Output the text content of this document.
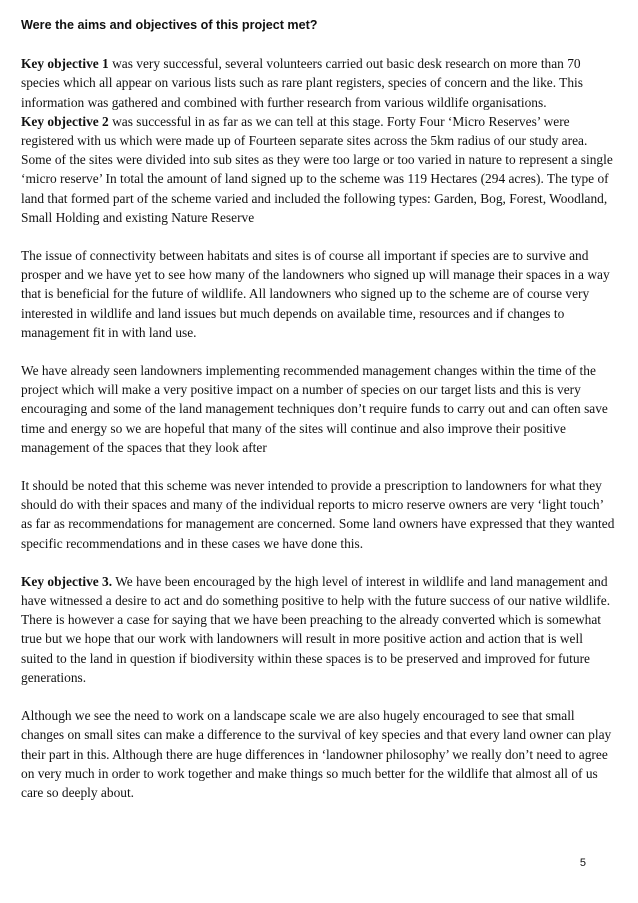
Were the aims and objectives of this project met?

Key objective 1 was very successful, several volunteers carried out basic desk research on more than 70 species which all appear on various lists such as rare plant registers, species of concern and the like. This information was gathered and combined with further research from various wildlife organisations.

Key objective 2 was successful in as far as we can tell at this stage. Forty Four ‘Micro Reserves’ were registered with us which were made up of Fourteen separate sites across the 5km radius of our study area. Some of the sites were divided into sub sites as they were too large or too varied in nature to represent a single ‘micro reserve’ In total the amount of land signed up to the scheme was 119 Hectares (294 acres). The type of land that formed part of the scheme varied and included the following types: Garden, Bog, Forest, Woodland, Small Holding and existing Nature Reserve

The issue of connectivity between habitats and sites is of course all important if species are to survive and prosper and we have yet to see how many of the landowners who signed up will manage their spaces in a way that is beneficial for the future of wildlife. All landowners who signed up to the scheme are of course very interested in wildlife and land issues but much depends on available time, resources and if changes to management fit in with land use.

We have already seen landowners implementing recommended management changes within the time of the project which will make a very positive impact on a number of species on our target lists and this is very encouraging and some of the land management techniques don’t require funds to carry out and can often save time and energy so we are hopeful that many of the sites will continue and also improve their positive management of the spaces that they look after

It should be noted that this scheme was never intended to provide a prescription to landowners for what they should do with their spaces and many of the individual reports to micro reserve owners are very ‘light touch’ as far as recommendations for management are concerned. Some land owners have expressed that they wanted specific recommendations and in these cases we have done this.

Key objective 3. We have been encouraged by the high level of interest in wildlife and land management and have witnessed a desire to act and do something positive to help with the future success of our native wildlife. There is however a case for saying that we have been preaching to the already converted which is somewhat true but we hope that our work with landowners will result in more positive action and action that is well suited to the land in question if biodiversity within these spaces is to be preserved and improved for future generations.

Although we see the need to work on a landscape scale we are also hugely encouraged to see that small changes on small sites can make a difference to the survival of key species and that every land owner can play their part in this. Although there are huge differences in ‘landowner philosophy’ we really don’t need to agree on very much in order to work together and make things so much better for the wildlife that almost all of us care so deeply about.

5
